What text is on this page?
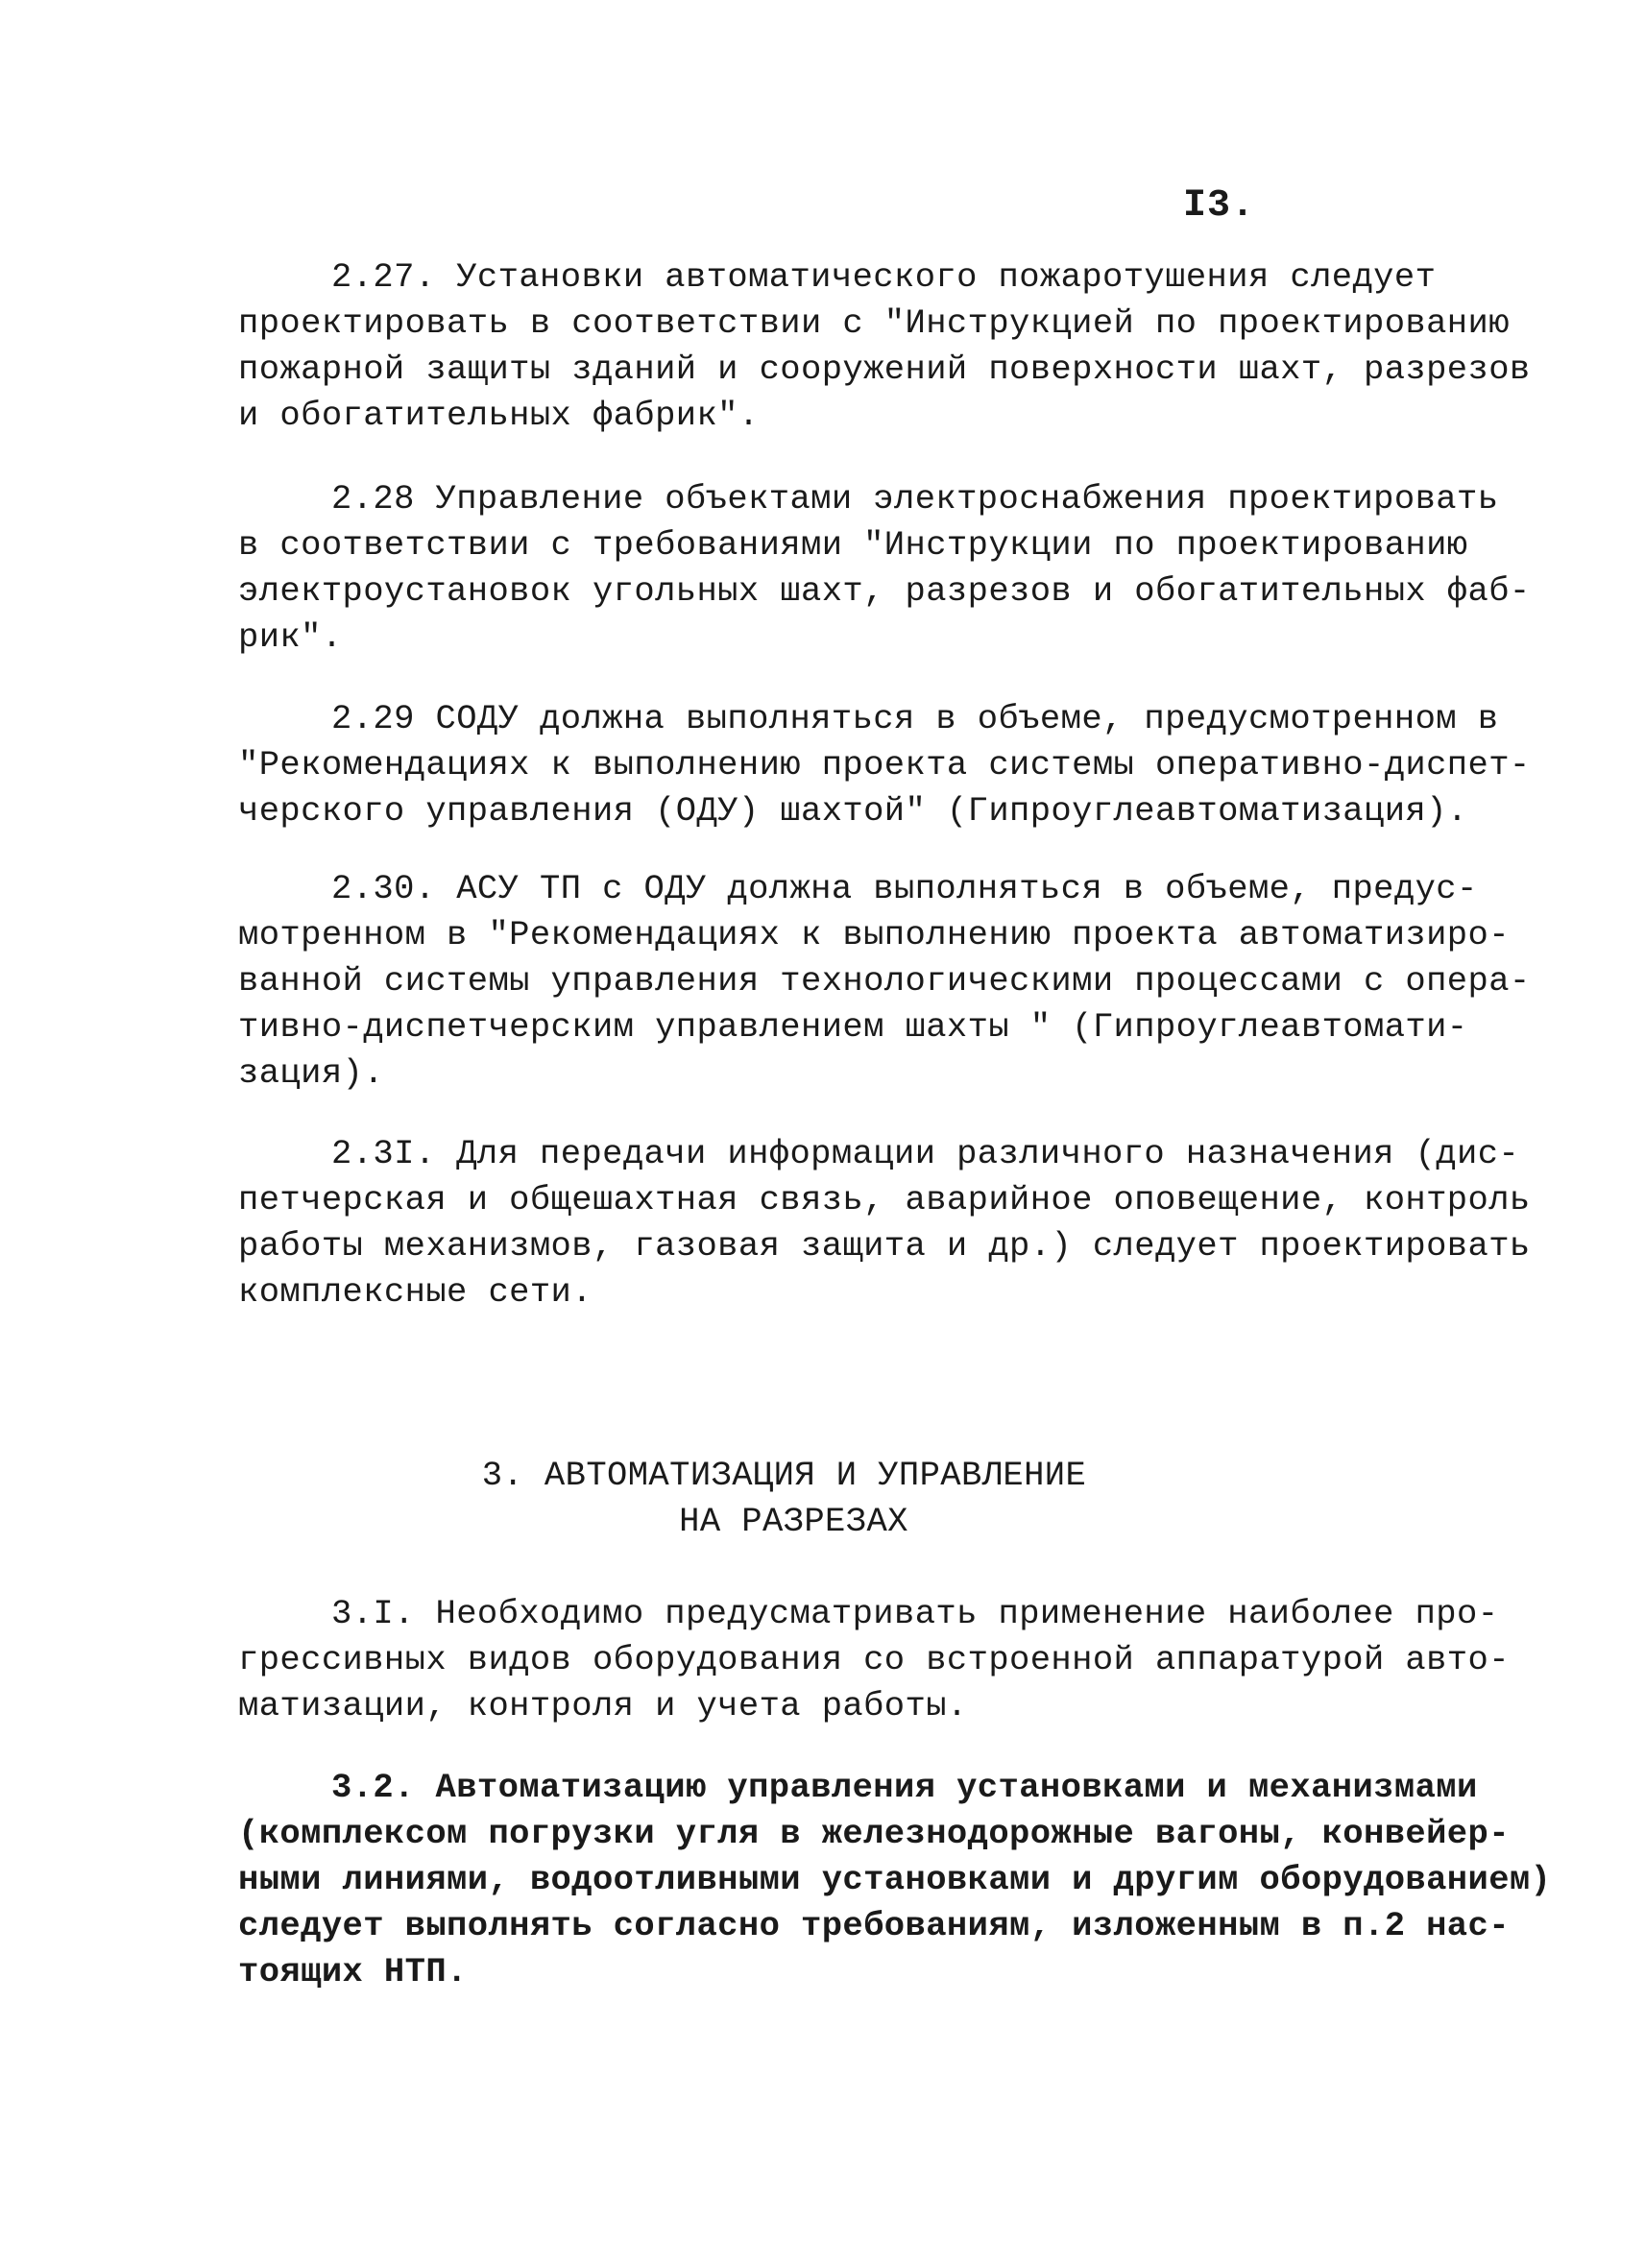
I3.
2.27. Установки автоматического пожаротушения следует
проектировать в соответствии с "Инструкцией по проектированию
пожарной защиты зданий и сооружений поверхности шахт, разрезов
и обогатительных фабрик".
2.28 Управление объектами электроснабжения проектировать
в соответствии с требованиями "Инструкции по проектированию
электроустановок угольных шахт, разрезов и обогатительных фаб-
рик".
2.29 СОДУ должна выполняться в объеме, предусмотренном в
"Рекомендациях к выполнению проекта системы оперативно-диспет-
черского управления (ОДУ) шахтой" (Гипроуглеавтоматизация).
2.30. АСУ ТП с ОДУ должна выполняться в объеме, предус-
мотренном в "Рекомендациях к выполнению проекта автоматизиро-
ванной системы управления технологическими процессами с опера-
тивно-диспетчерским управлением шахты " (Гипроуглеавтомати-
зация).
2.3I. Для передачи информации различного назначения (дис-
петчерская и общешахтная связь, аварийное оповещение, контроль
работы механизмов, газовая защита и др.) следует проектировать
комплексные сети.
3. АВТОМАТИЗАЦИЯ И УПРАВЛЕНИЕ
НА РАЗРЕЗАХ
3.I. Необходимо предусматривать применение наиболее про-
грессивных видов оборудования со встроенной аппаратурой авто-
матизации, контроля и учета работы.
3.2. Автоматизацию управления установками и механизмами
(комплексом погрузки угля в железнодорожные вагоны, конвейер-
ными линиями, водоотливными установками и другим оборудованием)
следует выполнять согласно требованиям, изложенным в п.2 нас-
тоящих НТП.
